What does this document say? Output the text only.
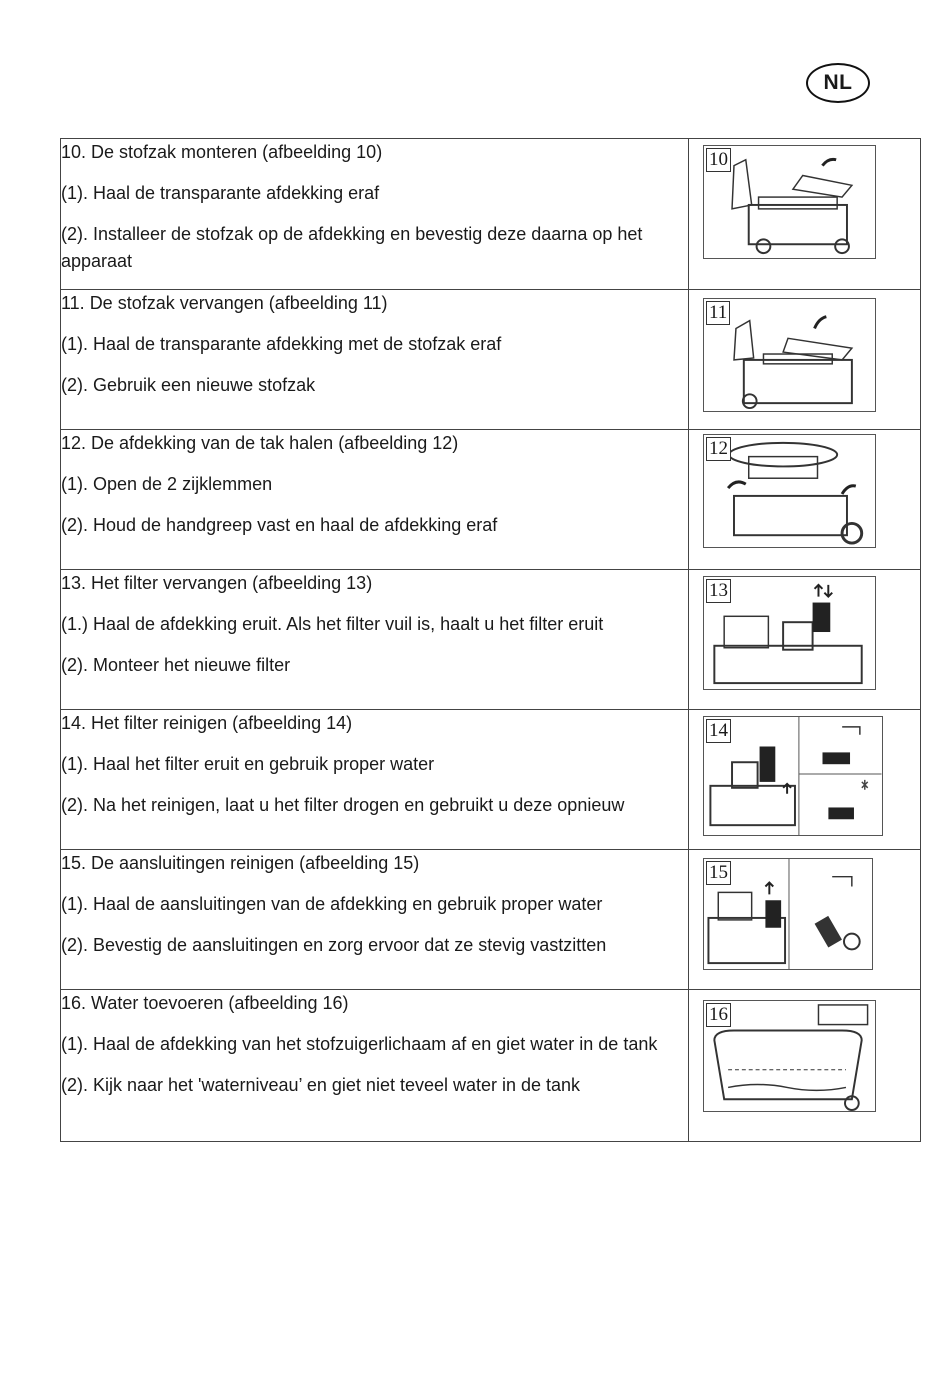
NL

10. De stofzak monteren (afbeelding 10)

(1). Haal de transparante afdekking eraf

(2). Installeer de stofzak op de afdekking en bevestig deze daarna op het apparaat	10

11. De stofzak vervangen (afbeelding 11)

(1). Haal de transparante afdekking met de stofzak eraf

(2). Gebruik een nieuwe stofzak	11

12. De afdekking van de tak halen (afbeelding 12)

(1). Open de 2 zijklemmen

(2). Houd de handgreep vast en haal de afdekking eraf	12

13. Het filter vervangen (afbeelding 13)

(1.) Haal de afdekking eruit. Als het filter vuil is, haalt u het filter eruit

(2). Monteer het nieuwe filter	13

14. Het filter reinigen (afbeelding 14)

(1). Haal het filter eruit en gebruik proper water

(2). Na het reinigen, laat u het filter drogen en gebruikt u deze opnieuw	14

15. De aansluitingen reinigen (afbeelding 15)

(1). Haal de aansluitingen van de afdekking en gebruik proper water

(2). Bevestig de aansluitingen en zorg ervoor dat ze stevig vastzitten	15

16. Water toevoeren (afbeelding 16)

(1). Haal de afdekking van het stofzuigerlichaam af en giet water in de tank

(2). Kijk naar het 'waterniveau’ en giet niet teveel water in de tank	16
